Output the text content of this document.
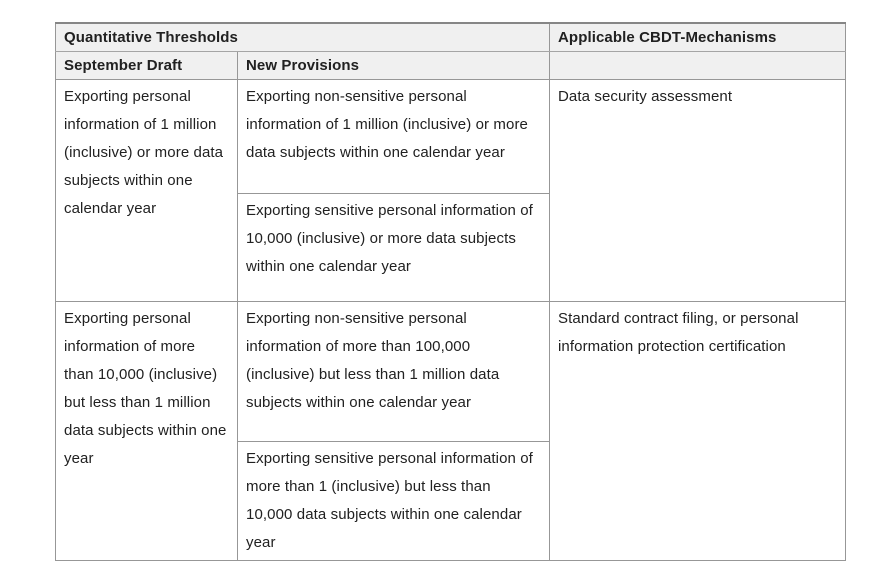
Quantitative Thresholds		Applicable CBDT-Mechanisms
September Draft	New Provisions	
Exporting personal information of 1 million (inclusive) or more data subjects within one calendar year	Exporting non-sensitive personal information of 1 million (inclusive) or more data subjects within one calendar year	Data security assessment
	Exporting sensitive personal information of 10,000 (inclusive) or more data subjects within one calendar year	
Exporting personal information of more than 10,000 (inclusive) but less than 1 million data subjects within one year	Exporting non-sensitive personal information of more than 100,000 (inclusive) but less than 1 million data subjects within one calendar year	Standard contract filing, or personal information protection certification
	Exporting sensitive personal information of more than 1 (inclusive) but less than 10,000 data subjects within one calendar year	
